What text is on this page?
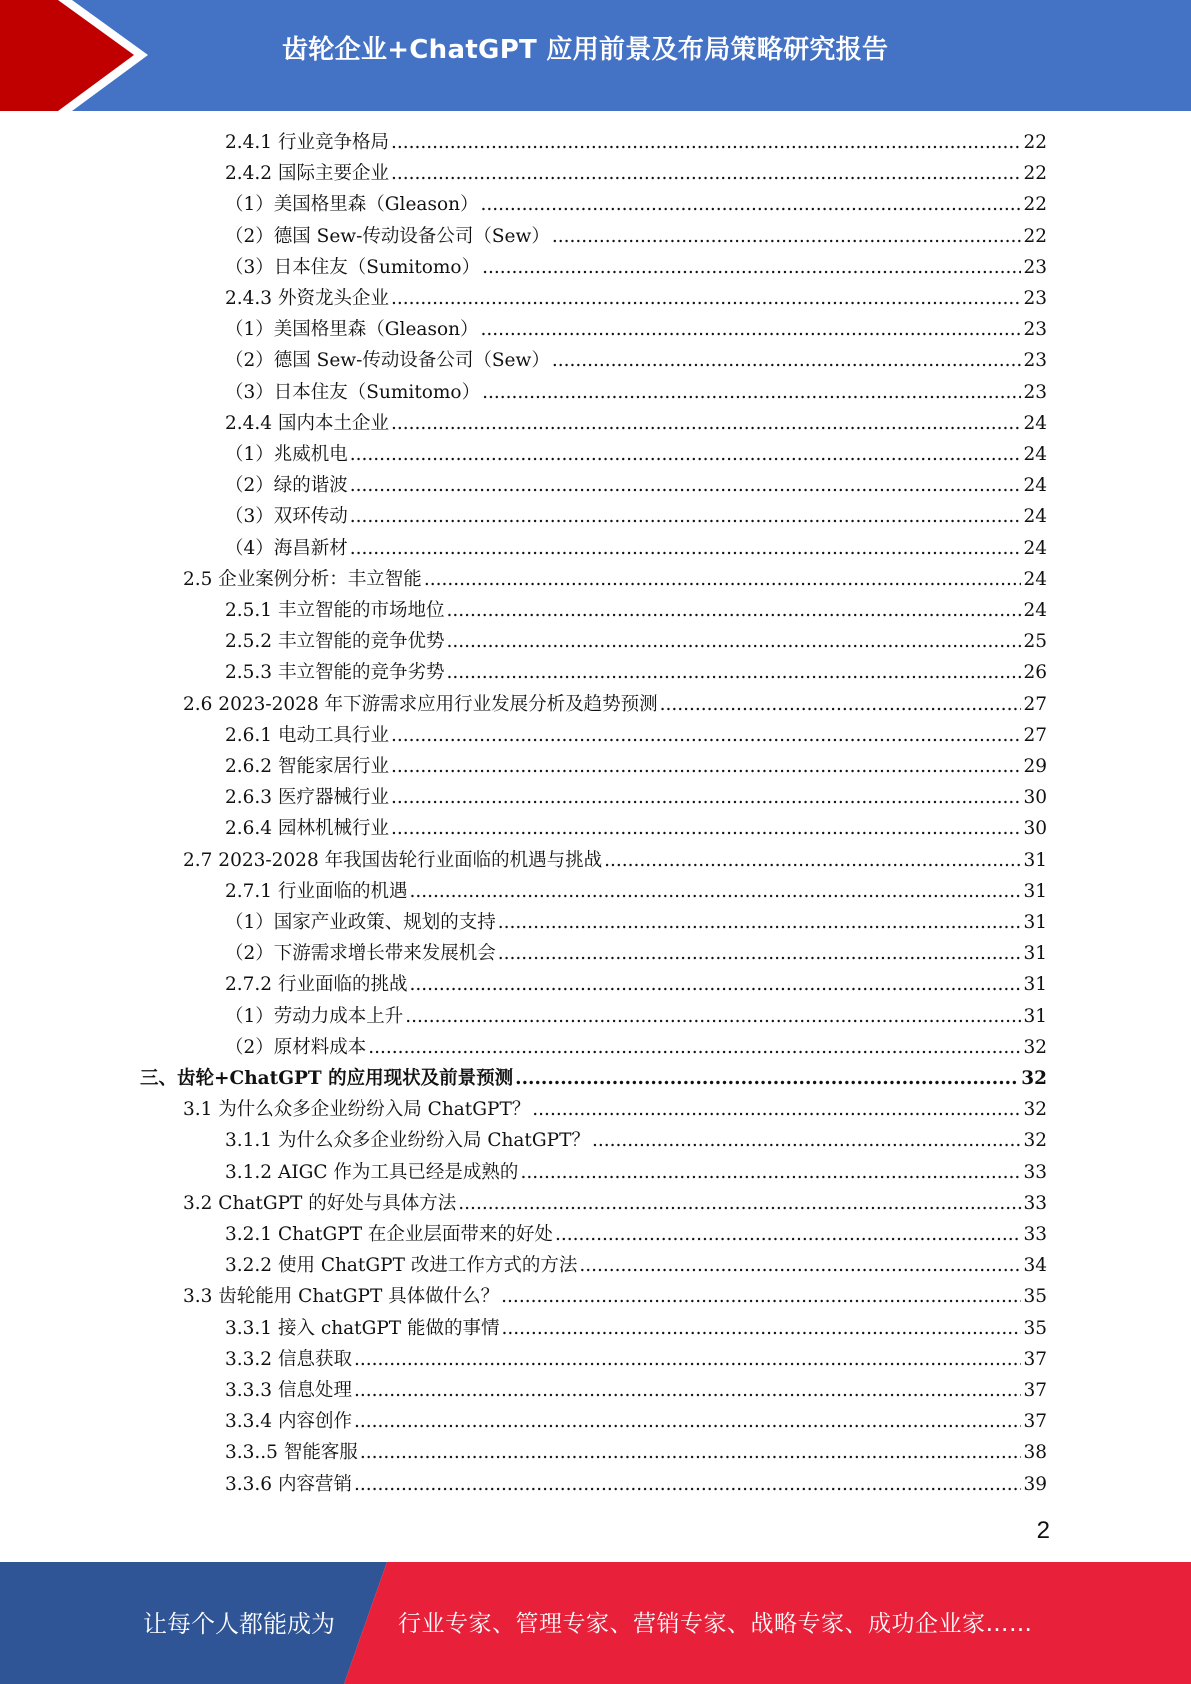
齿轮企业+ChatGPT 应用前景及布局策略研究报告
2.4.1 行业竞争格局 .....	22
2.4.2 国际主要企业 .....	22
（1）美国格里森（Gleason） .....	22
（2）德国 Sew-传动设备公司（Sew） .....	22
（3）日本住友（Sumitomo） .....	23
2.4.3 外资龙头企业 .....	23
（1）美国格里森（Gleason） .....	23
（2）德国 Sew-传动设备公司（Sew） .....	23
（3）日本住友（Sumitomo） .....	23
2.4.4 国内本土企业 .....	24
（1）兆威机电 .....	24
（2）绿的谐波 .....	24
（3）双环传动 .....	24
（4）海昌新材 .....	24
2.5 企业案例分析：丰立智能 .....	24
2.5.1 丰立智能的市场地位 .....	24
2.5.2 丰立智能的竞争优势 .....	25
2.5.3 丰立智能的竞争劣势 .....	26
2.6 2023-2028 年下游需求应用行业发展分析及趋势预测 .....	27
2.6.1 电动工具行业 .....	27
2.6.2 智能家居行业 .....	29
2.6.3 医疗器械行业 .....	30
2.6.4 园林机械行业 .....	30
2.7 2023-2028 年我国齿轮行业面临的机遇与挑战 .....	31
2.7.1 行业面临的机遇 .....	31
（1）国家产业政策、规划的支持 .....	31
（2）下游需求增长带来发展机会 .....	31
2.7.2 行业面临的挑战 .....	31
（1）劳动力成本上升 .....	31
（2）原材料成本 .....	32
三、齿轮+ChatGPT 的应用现状及前景预测 .....	32
3.1 为什么众多企业纷纷入局 ChatGPT？ .....	32
3.1.1 为什么众多企业纷纷入局 ChatGPT？ .....	32
3.1.2 AIGC 作为工具已经是成熟的 .....	33
3.2 ChatGPT 的好处与具体方法 .....	33
3.2.1 ChatGPT 在企业层面带来的好处 .....	33
3.2.2 使用 ChatGPT 改进工作方式的方法 .....	34
3.3 齿轮能用 ChatGPT 具体做什么？ .....	35
3.3.1 接入 chatGPT 能做的事情 .....	35
3.3.2 信息获取 .....	37
3.3.3 信息处理 .....	37
3.3.4 内容创作 .....	37
3.3..5 智能客服 .....	38
3.3.6 内容营销 .....	39
2
让每个人都能成为	行业专家、管理专家、营销专家、战略专家、成功企业家……
